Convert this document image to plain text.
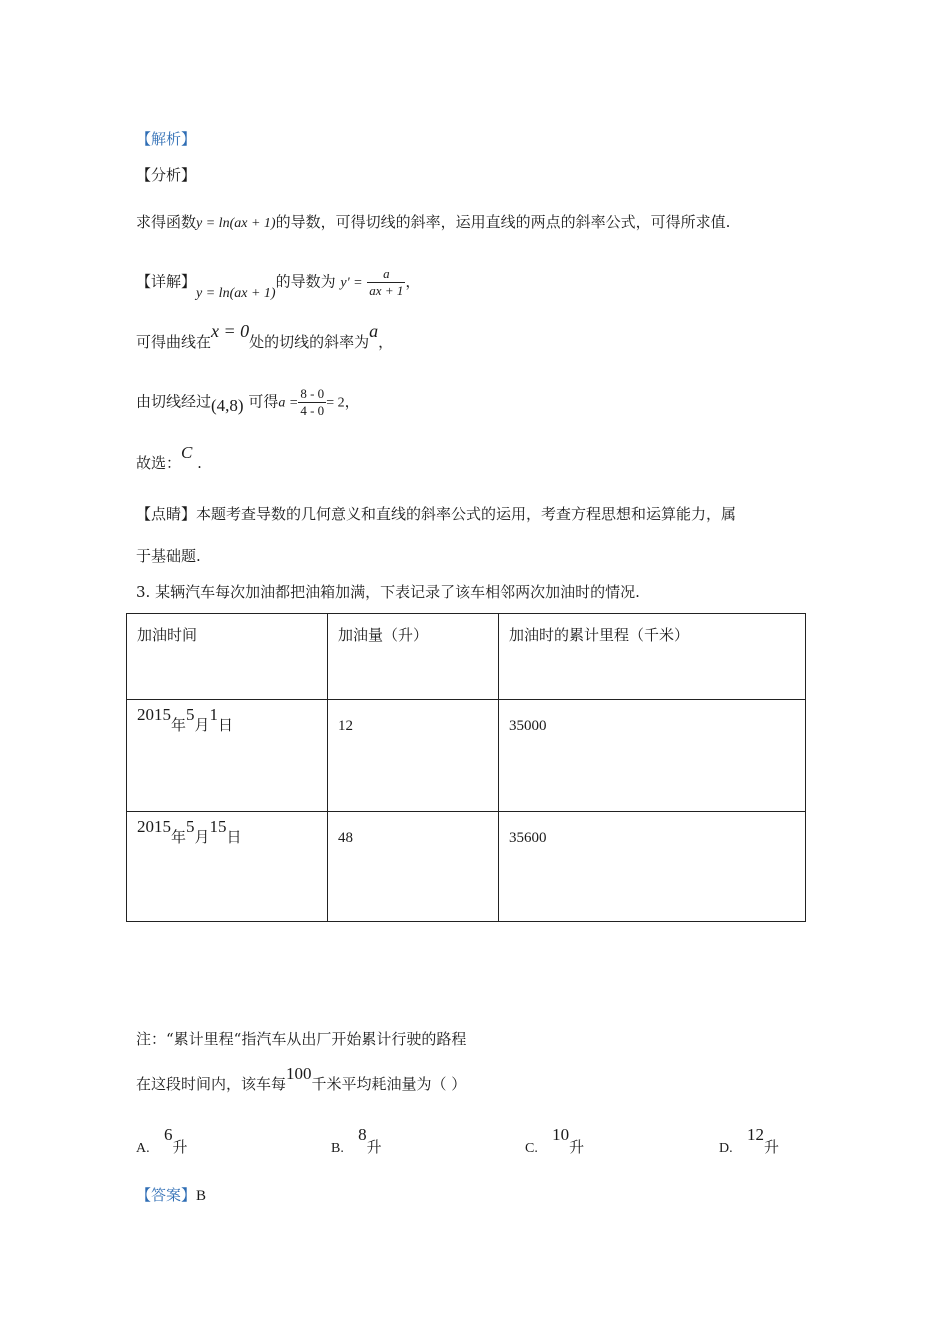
【解析】
【分析】
求得函数y = ln(ax + 1)的导数，可得切线的斜率，运用直线的两点的斜率公式，可得所求值.
【详解】y = ln(ax + 1)的导数为 $y' = \frac{a}{ax + 1}$ ，
可得曲线在x = 0处的切线的斜率为a，
由切线经过(4,8) 可得$a = \frac{8 - 0}{4 - 0} = 2$，
故选：C .
【点睛】本题考查导数的几何意义和直线的斜率公式的运用，考查方程思想和运算能力，属
于基础题.
3. 某辆汽车每次加油都把油箱加满，下表记录了该车相邻两次加油时的情况.
加油时间	加油量（升）	加油时的累计里程（千米）
2015年5月1日	12	35000
2015年5月15日	48	35600
注：“累计里程“指汽车从出厂开始累计行驶的路程
在这段时间内，该车每100千米平均耗油量为（ ）
A.   6升	B.   8升	C.   10升	D.   12升
【答案】B
